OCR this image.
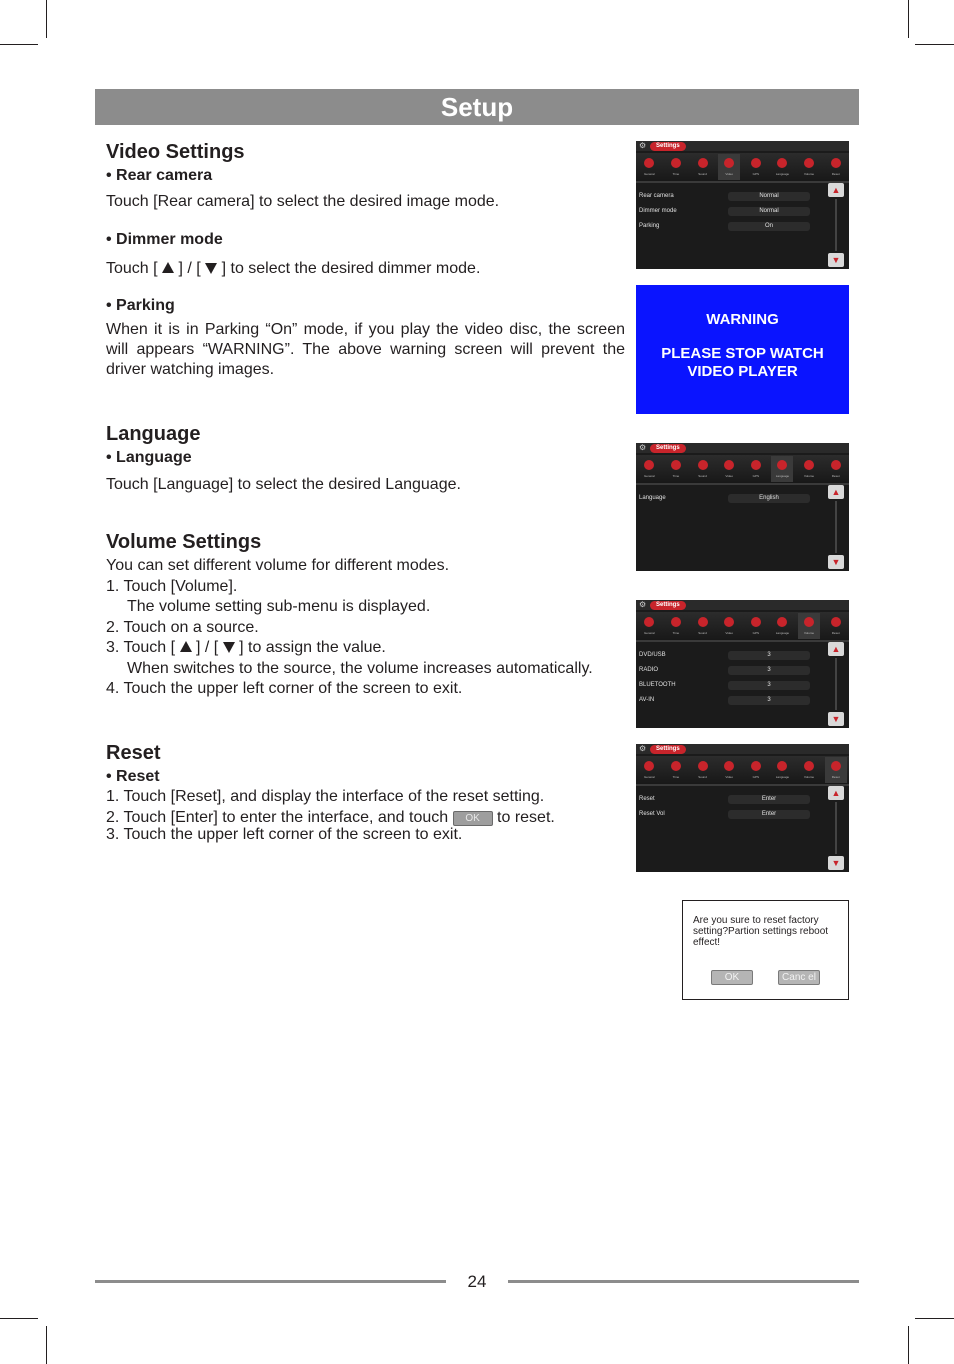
Setup
Video Settings
• Rear camera
Touch [Rear camera] to select the desired image mode.
• Dimmer mode
Touch [  ] / [  ] to select the desired dimmer mode.
• Parking
When it is in Parking “On” mode, if you play the video disc, the screen will appears “WARNING”. The above warning screen will prevent the driver watching images.
Language
• Language
Touch [Language] to select the desired Language.
Volume Settings
You can set different volume for different modes.
1. Touch [Volume].
The volume setting sub-menu is displayed.
2. Touch on a source.
3. Touch [  ] / [  ] to assign the value.
When switches to the source, the volume increases automatically.
4. Touch the upper left corner of the screen to exit.
Reset
• Reset
1. Touch [Reset], and display the interface of the reset setting.
2. Touch [Enter] to enter the interface, and touch OK to reset.
3. Touch the upper left corner of the screen to exit.
⚙	Settings
General	Time	Sound	Video	GPS	Language	Volume	Reset
Rear camera	Normal
Dimmer mode	Normal
Parking	On
▲
▼
WARNING
PLEASE STOP WATCH
VIDEO PLAYER
⚙	Settings
General	Time	Sound	Video	GPS	Language	Volume	Reset
Language	English
▲
▼
⚙	Settings
General	Time	Sound	Video	GPS	Language	Volume	Reset
DVD/USB	3
RADIO	3
BLUETOOTH	3
AV-IN	3
▲
▼
⚙	Settings
General	Time	Sound	Video	GPS	Language	Volume	Reset
Reset	Enter
Reset Vol	Enter
▲
▼
Are you sure to reset factory setting?Partion settings reboot effect!
OK	Canc el
24
